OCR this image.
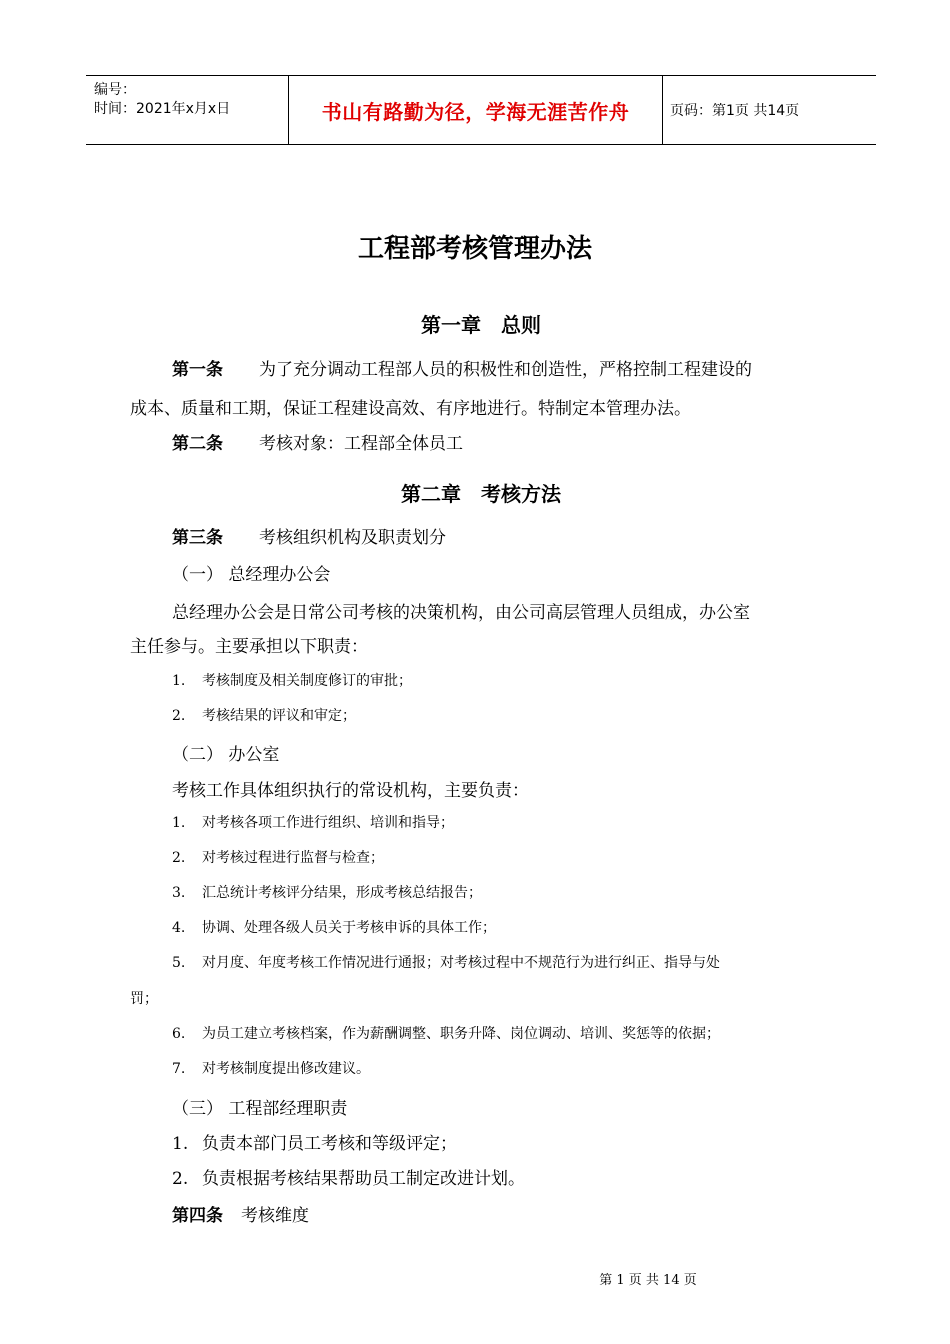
编号：
时间：2021年x月x日	书山有路勤为径，学海无涯苦作舟	页码：第1页 共14页
工程部考核管理办法
第一章　总则
第一条 为了充分调动工程部人员的积极性和创造性，严格控制工程建设的
成本、质量和工期，保证工程建设高效、有序地进行。特制定本管理办法。
第二条 考核对象：工程部全体员工
第二章　考核方法
第三条 考核组织机构及职责划分
（一） 总经理办公会
总经理办公会是日常公司考核的决策机构，由公司高层管理人员组成，办公室
主任参与。主要承担以下职责：
1. 考核制度及相关制度修订的审批；
2. 考核结果的评议和审定；
（二） 办公室
考核工作具体组织执行的常设机构，主要负责：
1. 对考核各项工作进行组织、培训和指导；
2. 对考核过程进行监督与检查；
3. 汇总统计考核评分结果，形成考核总结报告；
4. 协调、处理各级人员关于考核申诉的具体工作；
5. 对月度、年度考核工作情况进行通报；对考核过程中不规范行为进行纠正、指导与处
罚；
6. 为员工建立考核档案，作为薪酬调整、职务升降、岗位调动、培训、奖惩等的依据；
7. 对考核制度提出修改建议。
（三） 工程部经理职责
1. 负责本部门员工考核和等级评定；
2. 负责根据考核结果帮助员工制定改进计划。
第四条 考核维度
第 1 页 共 14 页
